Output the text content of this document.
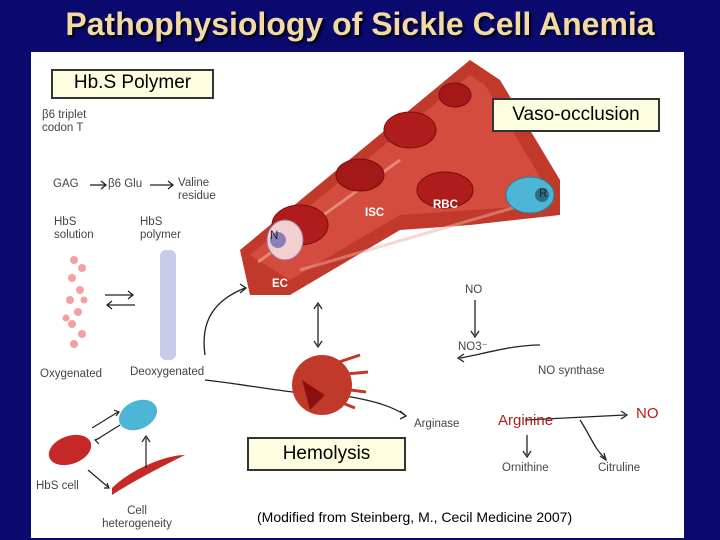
Pathophysiology of Sickle Cell Anemia
Hb.S Polymer
Vaso-occlusion
Hemolysis
β6 triplet codon T
GAG	β6 Glu	Valine residue
HbS solution
HbS polymer
Oxygenated Deoxygenated
HbS cell
Cell heterogeneity
ISC
RBC
N
R
EC	NO
NO3⁻
NO synthase
Arginase
Ornithine	Citruline
Arginine	NO
(Modified from Steinberg, M., Cecil Medicine 2007)
